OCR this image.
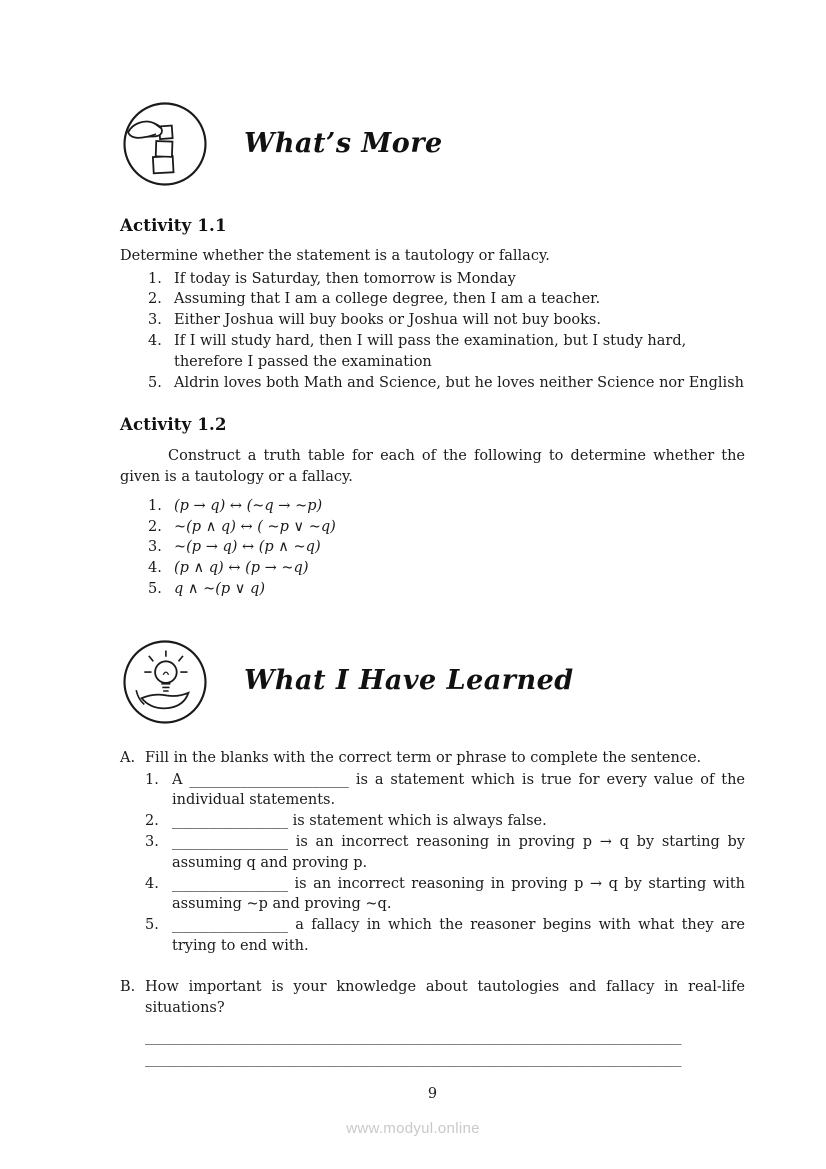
What’s More
Activity 1.1

Determine whether the statement is a tautology or fallacy.

1. If today is Saturday, then tomorrow is Monday
2. Assuming that I am a college degree, then I am a teacher.
3. Either Joshua will buy books or Joshua will not buy books.
4. If I will study hard, then I will pass the examination, but I study hard, therefore I passed the examination
5. Aldrin loves both Math and Science, but he loves neither Science nor English
Activity 1.2

Construct a truth table for each of the following to determine whether the given is a tautology or a fallacy.

1. (p → q) ↔ (~q → ~p)
2. ~(p ∧ q) ↔ ( ~p ∨ ~q)
3. ~(p → q) ↔ (p ∧ ~q)
4. (p ∧ q) ↔ (p → ~q)
5. q ∧ ~(p ∨ q)
What I Have Learned
A. Fill in the blanks with the correct term or phrase to complete the sentence.
1. A ______________________ is a statement which is true for every value of the individual statements.
2. ________________ is statement which is always false.
3. ________________ is an incorrect reasoning in proving p → q by starting by assuming q and proving p.
4. ________________ is an incorrect reasoning in proving p → q by starting with assuming ~p and proving ~q.
5. ________________ a fallacy in which the reasoner begins with what they are trying to end with.
B. How important is your knowledge about tautologies and fallacy in real-life situations?
__________________________________________________________________________
__________________________________________________________________________
9
www.modyul.online
